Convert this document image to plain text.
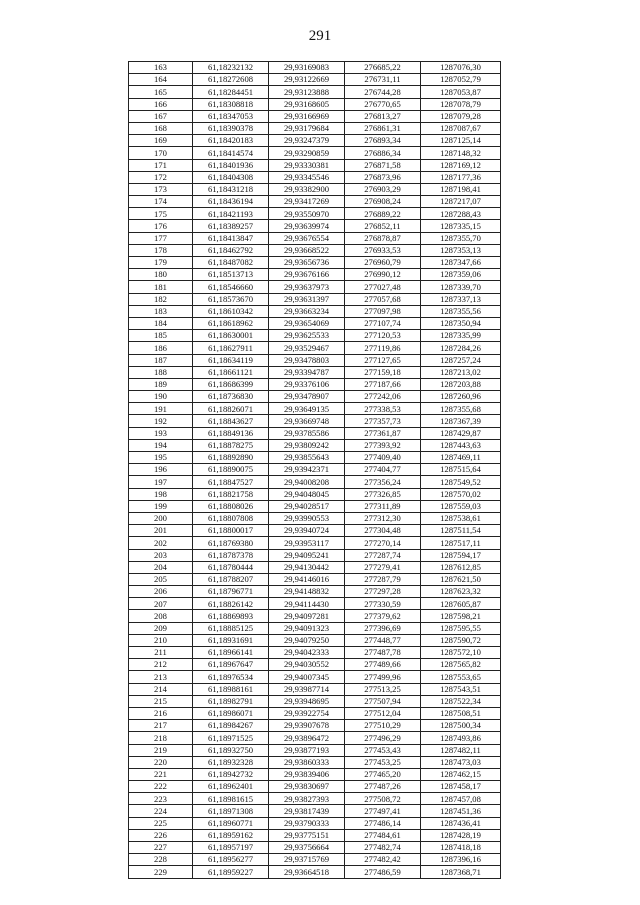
291
163	61,18232132	29,93169083	276685,22	1287076,30
164	61,18272608	29,93122669	276731,11	1287052,79
165	61,18284451	29,93123888	276744,28	1287053,87
166	61,18308818	29,93168605	276770,65	1287078,79
167	61,18347053	29,93166969	276813,27	1287079,28
168	61,18390378	29,93179684	276861,31	1287087,67
169	61,18420183	29,93247379	276893,34	1287125,14
170	61,18414574	29,93290859	276886,34	1287148,32
171	61,18401936	29,93330381	276871,58	1287169,12
172	61,18404308	29,93345546	276873,96	1287177,36
173	61,18431218	29,93382900	276903,29	1287198,41
174	61,18436194	29,93417269	276908,24	1287217,07
175	61,18421193	29,93550970	276889,22	1287288,43
176	61,18389257	29,93639974	276852,11	1287335,15
177	61,18413847	29,93676554	276878,87	1287355,70
178	61,18462792	29,93668522	276933,53	1287353,13
179	61,18487082	29,93656736	276960,79	1287347,66
180	61,18513713	29,93676166	276990,12	1287359,06
181	61,18546660	29,93637973	277027,48	1287339,70
182	61,18573670	29,93631397	277057,68	1287337,13
183	61,18610342	29,93663234	277097,98	1287355,56
184	61,18618962	29,93654069	277107,74	1287350,94
185	61,18630001	29,93625533	277120,53	1287335,99
186	61,18627911	29,93529467	277119,86	1287284,26
187	61,18634119	29,93478803	277127,65	1287257,24
188	61,18661121	29,93394787	277159,18	1287213,02
189	61,18686399	29,93376106	277187,66	1287203,88
190	61,18736830	29,93478907	277242,06	1287260,96
191	61,18826071	29,93649135	277338,53	1287355,68
192	61,18843627	29,93669748	277357,73	1287367,39
193	61,18849136	29,93785586	277361,87	1287429,87
194	61,18878275	29,93809242	277393,92	1287443,63
195	61,18892890	29,93855643	277409,40	1287469,11
196	61,18890075	29,93942371	277404,77	1287515,64
197	61,18847527	29,94008208	277356,24	1287549,52
198	61,18821758	29,94048045	277326,85	1287570,02
199	61,18808026	29,94028517	277311,89	1287559,03
200	61,18807808	29,93990553	277312,30	1287538,61
201	61,18800017	29,93940724	277304,48	1287511,54
202	61,18769380	29,93953117	277270,14	1287517,11
203	61,18787378	29,94095241	277287,74	1287594,17
204	61,18780444	29,94130442	277279,41	1287612,85
205	61,18788207	29,94146016	277287,79	1287621,50
206	61,18796771	29,94148832	277297,28	1287623,32
207	61,18826142	29,94114430	277330,59	1287605,87
208	61,18869893	29,94097281	277379,62	1287598,21
209	61,18885125	29,94091323	277396,69	1287595,55
210	61,18931691	29,94079250	277448,77	1287590,72
211	61,18966141	29,94042333	277487,78	1287572,10
212	61,18967647	29,94030552	277489,66	1287565,82
213	61,18976534	29,94007345	277499,96	1287553,65
214	61,18988161	29,93987714	277513,25	1287543,51
215	61,18982791	29,93948695	277507,94	1287522,34
216	61,18986071	29,93922754	277512,04	1287508,51
217	61,18984267	29,93907678	277510,29	1287500,34
218	61,18971525	29,93896472	277496,29	1287493,86
219	61,18932750	29,93877193	277453,43	1287482,11
220	61,18932328	29,93860333	277453,25	1287473,03
221	61,18942732	29,93839406	277465,20	1287462,15
222	61,18962401	29,93830697	277487,26	1287458,17
223	61,18981615	29,93827393	277508,72	1287457,08
224	61,18971308	29,93817439	277497,41	1287451,36
225	61,18960771	29,93790333	277486,14	1287436,41
226	61,18959162	29,93775151	277484,61	1287428,19
227	61,18957197	29,93756664	277482,74	1287418,18
228	61,18956277	29,93715769	277482,42	1287396,16
229	61,18959227	29,93664518	277486,59	1287368,71
